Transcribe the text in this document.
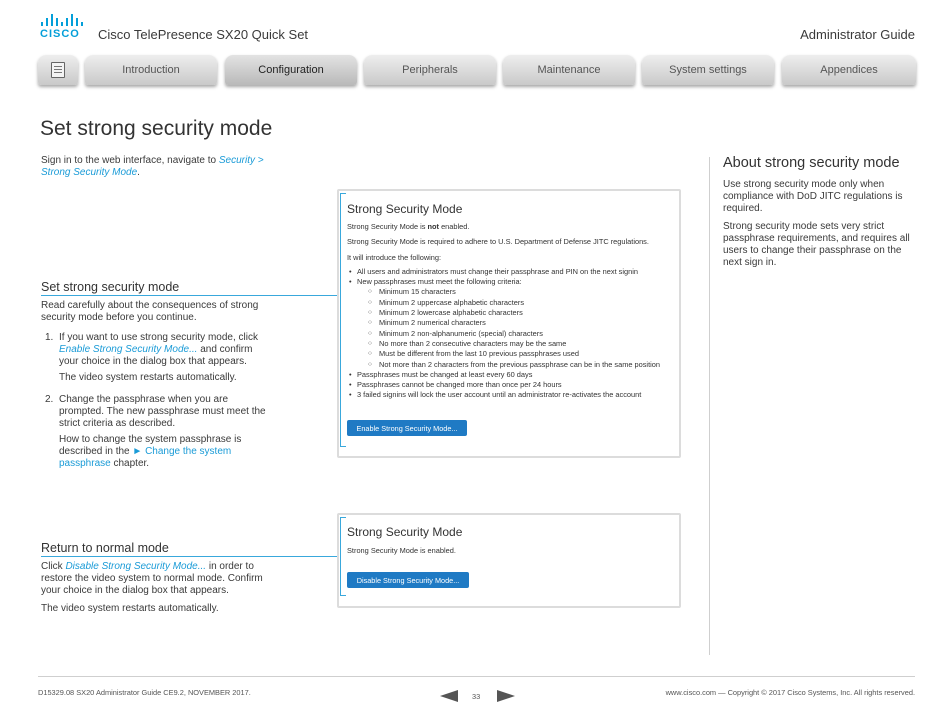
CISCO	Cisco TelePresence SX20 Quick Set	Administrator Guide
Introduction	Configuration	Peripherals	Maintenance	System settings	Appendices
Set strong security mode
Sign in to the web interface, navigate to Security >
Strong Security Mode.
Set strong security mode
Read carefully about the consequences of strong
security mode before you continue.
1. If you want to use strong security mode, click
Enable Strong Security Mode... and confirm
your choice in the dialog box that appears.
The video system restarts automatically.
2. Change the passphrase when you are
prompted. The new passphrase must meet the
strict criteria as described.
How to change the system passphrase is
described in the ► Change the system
passphrase chapter.
Return to normal mode
Click Disable Strong Security Mode... in order to
restore the video system to normal mode. Confirm
your choice in the dialog box that appears.
The video system restarts automatically.
Strong Security Mode
Strong Security Mode is not enabled.
Strong Security Mode is required to adhere to U.S. Department of Defense JITC regulations.
It will introduce the following:
• All users and administrators must change their passphrase and PIN on the next signin
• New passphrases must meet the following criteria:
○ Minimum 15 characters
○ Minimum 2 uppercase alphabetic characters
○ Minimum 2 lowercase alphabetic characters
○ Minimum 2 numerical characters
○ Minimum 2 non-alphanumeric (special) characters
○ No more than 2 consecutive characters may be the same
○ Must be different from the last 10 previous passphrases used
○ Not more than 2 characters from the previous passphrase can be in the same position
• Passphrases must be changed at least every 60 days
• Passphrases cannot be changed more than once per 24 hours
• 3 failed signins will lock the user account until an administrator re-activates the account
Enable Strong Security Mode...
Strong Security Mode
Strong Security Mode is enabled.
Disable Strong Security Mode...
About strong security mode
Use strong security mode only when
compliance with DoD JITC regulations is
required.
Strong security mode sets very strict
passphrase requirements, and requires all
users to change their passphrase on the
next sign in.
D15329.08 SX20 Administrator Guide CE9.2, NOVEMBER 2017.	33	www.cisco.com — Copyright © 2017 Cisco Systems, Inc. All rights reserved.
